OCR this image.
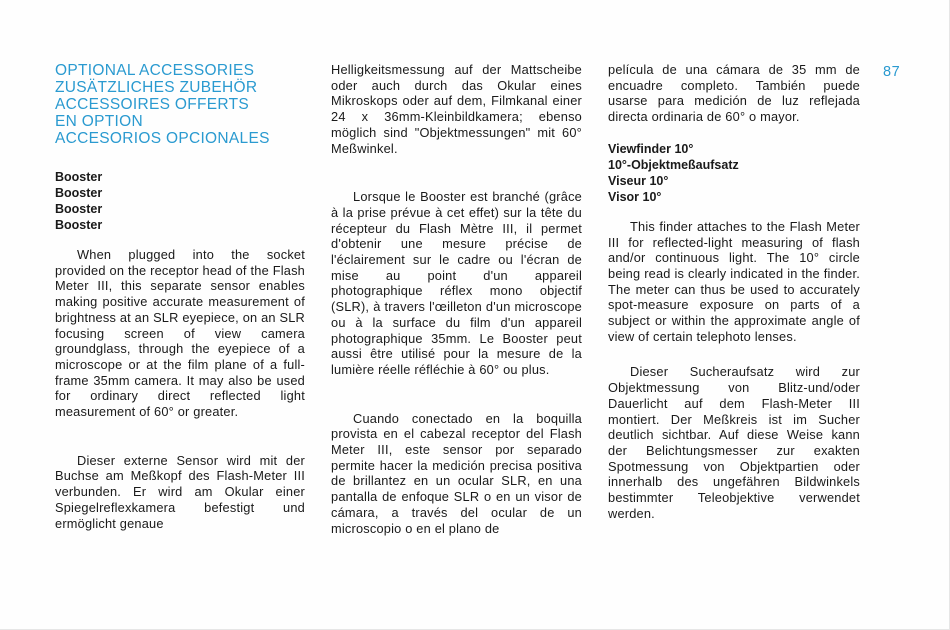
OPTIONAL ACCESSORIES
ZUSÄTZLICHES ZUBEHÖR
ACCESSOIRES OFFERTS
EN OPTION
ACCESORIOS OPCIONALES
Booster
Booster
Booster
Booster

When plugged into the socket provided on the receptor head of the Flash Meter III, this separate sensor enables making positive accurate measurement of brightness at an SLR eyepiece, on an SLR focusing screen of view camera groundglass, through the eyepiece of a microscope or at the film plane of a full-frame 35mm camera. It may also be used for ordinary direct reflected light measurement of 60° or greater.

Dieser externe Sensor wird mit der Buchse am Meßkopf des Flash-Meter III verbunden. Er wird am Okular einer Spiegelreflexkamera befestigt und ermöglicht genaue

Helligkeitsmessung auf der Mattscheibe oder auch durch das Okular eines Mikroskops oder auf dem, Filmkanal einer 24 x 36mm-Kleinbildkamera; ebenso möglich sind "Objektmessungen" mit 60° Meßwinkel.

Lorsque le Booster est branché (grâce à la prise prévue à cet effet) sur la tête du récepteur du Flash Mètre III, il permet d'obtenir une mesure précise de l'éclairement sur le cadre ou l'écran de mise au point d'un appareil photographique réflex mono objectif (SLR), à travers l'œilleton d'un microscope ou à la surface du film d'un appareil photographique 35mm. Le Booster peut aussi être utilisé pour la mesure de la lumière réelle réfléchie à 60° ou plus.

Cuando conectado en la boquilla provista en el cabezal receptor del Flash Meter III, este sensor por separado permite hacer la medición precisa positiva de brillantez en un ocular SLR, en una pantalla de enfoque SLR o en un visor de cámara, a través del ocular de un microscopio o en el plano de

película de una cámara de 35 mm de encuadre completo. También puede usarse para medición de luz reflejada directa ordinaria de 60° o mayor.

Viewfinder 10°
10°-Objektmeßaufsatz
Viseur 10°
Visor 10°

This finder attaches to the Flash Meter III for reflected-light measuring of flash and/or continuous light. The 10° circle being read is clearly indicated in the finder. The meter can thus be used to accurately spot-measure exposure on parts of a subject or within the approximate angle of view of certain telephoto lenses.

Dieser Sucheraufsatz wird zur Objektmessung von Blitz-und/oder Dauerlicht auf dem Flash-Meter III montiert. Der Meßkreis ist im Sucher deutlich sichtbar. Auf diese Weise kann der Belichtungsmesser zur exakten Spotmessung von Objektpartien oder innerhalb des ungefähren Bildwinkels bestimmter Teleobjektive verwendet werden.

87
